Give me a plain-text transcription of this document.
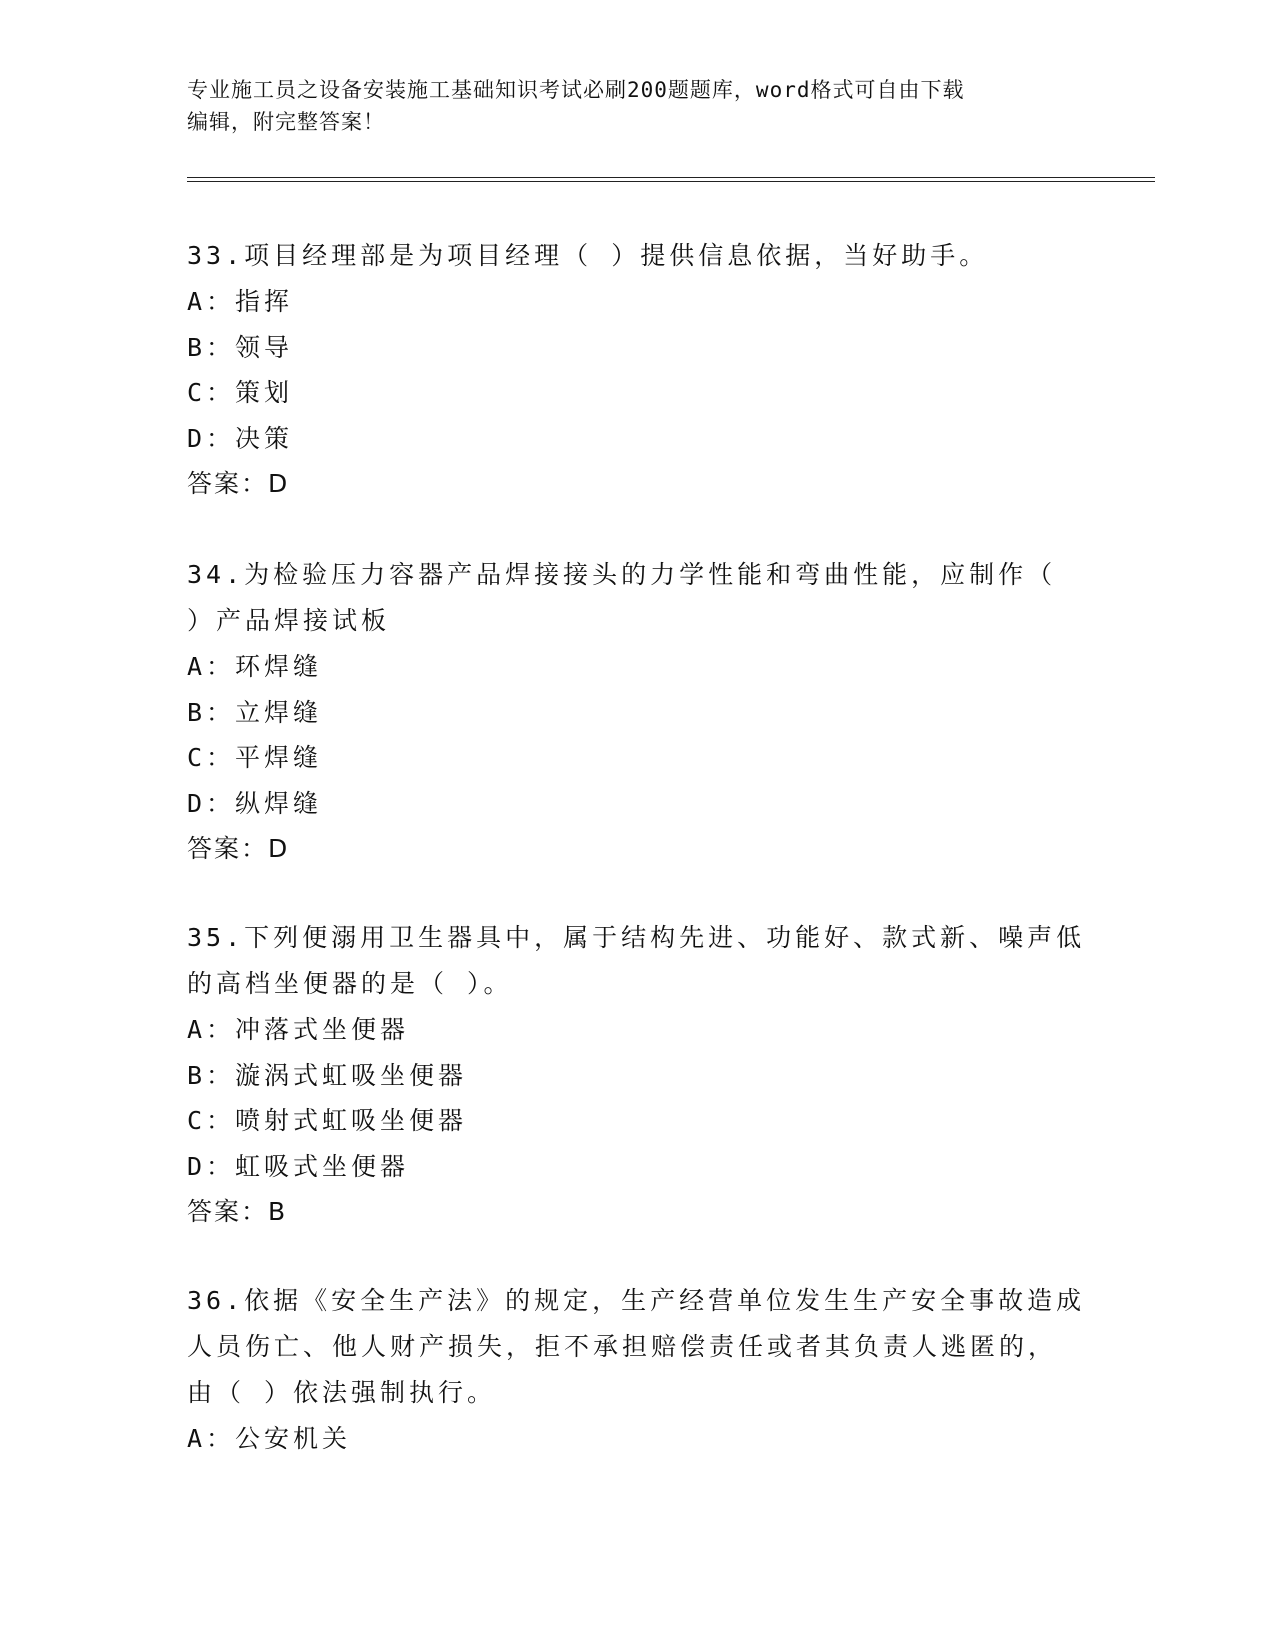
专业施工员之设备安装施工基础知识考试必刷200题题库，word格式可自由下载
编辑，附完整答案！
33.项目经理部是为项目经理（ ）提供信息依据，当好助手。
A：指挥
B：领导
C：策划
D：决策
答案：D
34.为检验压力容器产品焊接接头的力学性能和弯曲性能，应制作（
）产品焊接试板
A：环焊缝
B：立焊缝
C：平焊缝
D：纵焊缝
答案：D
35.下列便溺用卫生器具中，属于结构先进、功能好、款式新、噪声低
的高档坐便器的是（ ）。
A：冲落式坐便器
B：漩涡式虹吸坐便器
C：喷射式虹吸坐便器
D：虹吸式坐便器
答案：B
36.依据《安全生产法》的规定，生产经营单位发生生产安全事故造成
人员伤亡、他人财产损失，拒不承担赔偿责任或者其负责人逃匿的，
由（ ）依法强制执行。
A：公安机关
